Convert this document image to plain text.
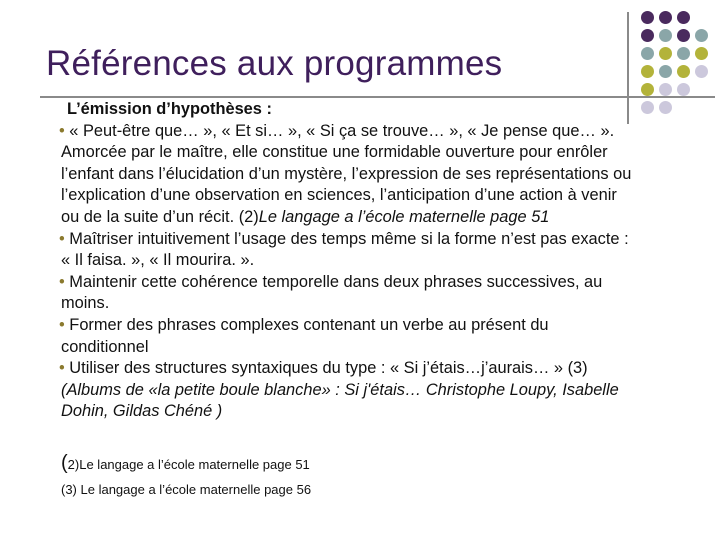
Références aux programmes
L’émission d’hypothèses :
• « Peut-être que… », « Et si… », « Si ça se trouve… », « Je pense que… ».
Amorcée par le maître, elle constitue une formidable ouverture pour enrôler
l’enfant dans l’élucidation d’un mystère, l’expression de ses représentations ou
l’explication d’une observation en sciences, l’anticipation d’une action à venir
ou de la suite d’un récit. (2)Le langage a l’école maternelle page 51
• Maîtriser intuitivement l’usage des temps même si la forme n’est pas exacte :
« Il faisa. », « Il mourira. ».
• Maintenir cette cohérence temporelle dans deux phrases successives, au
moins.
• Former des phrases complexes contenant un verbe au présent du
conditionnel
• Utiliser des structures syntaxiques du type : « Si j’étais…j’aurais… » (3)
(Albums de «la petite boule blanche» : Si j'étais… Christophe Loupy, Isabelle
Dohin, Gildas Chéné )
(2)Le langage a l’école maternelle page 51
(3) Le langage a l’école maternelle page 56
